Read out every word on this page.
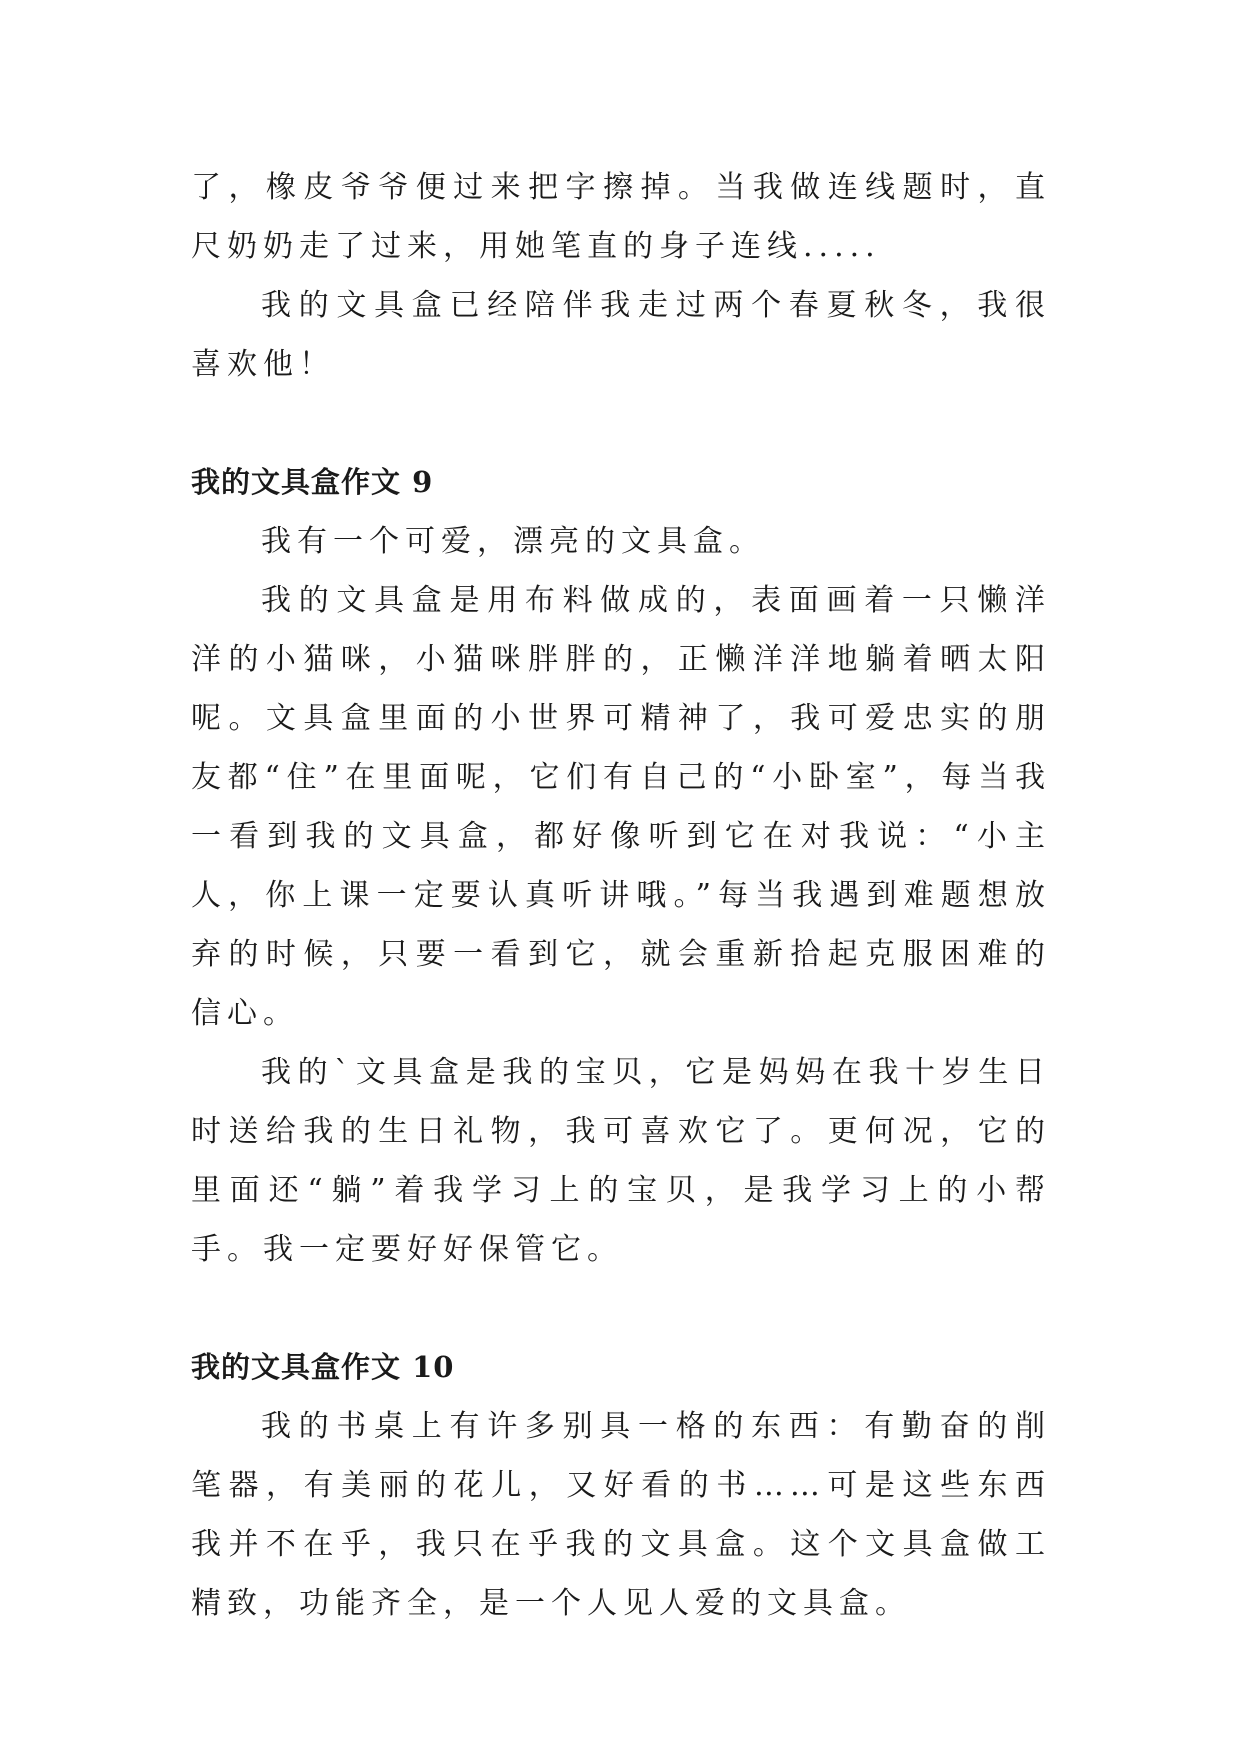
了，橡皮爷爷便过来把字擦掉。当我做连线题时，直尺奶奶走了过来，用她笔直的身子连线.....

我的文具盒已经陪伴我走过两个春夏秋冬，我很喜欢他！

我的文具盒作文 9

我有一个可爱，漂亮的文具盒。

我的文具盒是用布料做成的，表面画着一只懒洋洋的小猫咪，小猫咪胖胖的，正懒洋洋地躺着晒太阳呢。文具盒里面的小世界可精神了，我可爱忠实的朋友都“住”在里面呢，它们有自己的“小卧室”，每当我一看到我的文具盒，都好像听到它在对我说：“小主人，你上课一定要认真听讲哦。”每当我遇到难题想放弃的时候，只要一看到它，就会重新拾起克服困难的信心。

我的`文具盒是我的宝贝，它是妈妈在我十岁生日时送给我的生日礼物，我可喜欢它了。更何况，它的里面还“躺”着我学习上的宝贝，是我学习上的小帮手。我一定要好好保管它。

我的文具盒作文 10

我的书桌上有许多别具一格的东西：有勤奋的削笔器，有美丽的花儿，又好看的书……可是这些东西我并不在乎，我只在乎我的文具盒。这个文具盒做工精致，功能齐全，是一个人见人爱的文具盒。
